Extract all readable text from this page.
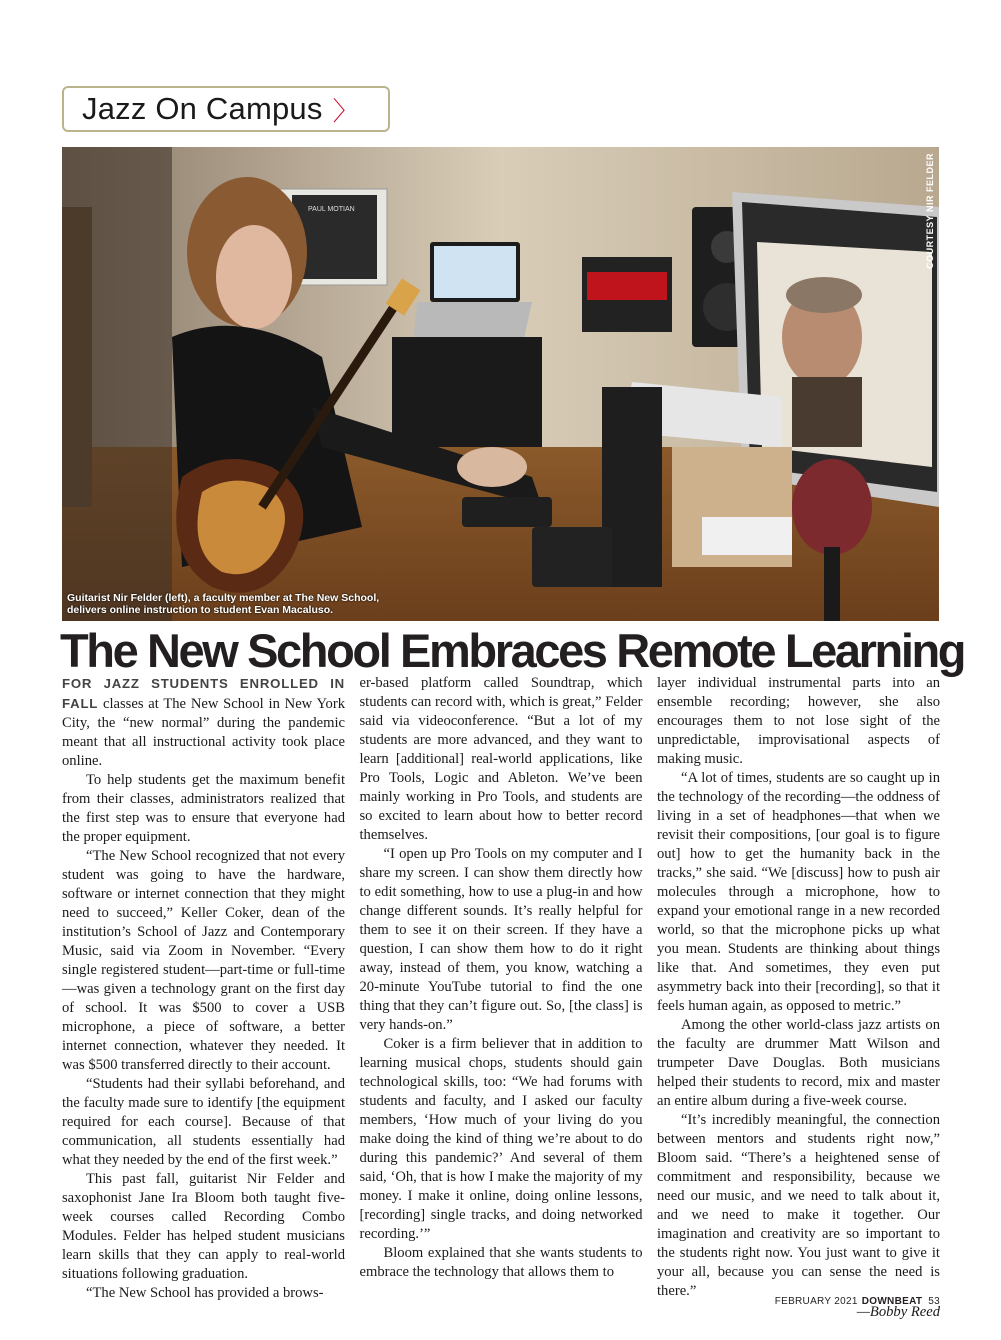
Jazz On Campus 〉
PAUL MOTIAN	COURTESY NIR FELDER
Guitarist Nir Felder (left), a faculty member at The New School,
delivers online instruction to student Evan Macaluso.
The New School Embraces Remote Learning

FOR JAZZ STUDENTS ENROLLED IN FALL classes at The New School in New York City, the “new normal” during the pandemic meant that all instructional activity took place online.

To help students get the maximum benefit from their classes, administrators realized that the first step was to ensure that everyone had the proper equipment.

“The New School recognized that not every student was going to have the hardware, software or internet connection that they might need to succeed,” Keller Coker, dean of the institution’s School of Jazz and Contemporary Music, said via Zoom in November. “Every single registered student—part-time or full-time—was given a technology grant on the first day of school. It was $500 to cover a USB microphone, a piece of software, a better internet connection, whatever they needed. It was $500 transferred directly to their account.

“Students had their syllabi beforehand, and the faculty made sure to identify [the equipment required for each course]. Because of that communication, all students essentially had what they needed by the end of the first week.”

This past fall, guitarist Nir Felder and saxophonist Jane Ira Bloom both taught five-week courses called Recording Combo Modules. Felder has helped student musicians learn skills that they can apply to real-world situations following graduation.

“The New School has provided a brows-

er-based platform called Soundtrap, which students can record with, which is great,” Felder said via videoconference. “But a lot of my students are more advanced, and they want to learn [additional] real-world applications, like Pro Tools, Logic and Ableton. We’ve been mainly working in Pro Tools, and students are so excited to learn about how to better record themselves.

“I open up Pro Tools on my computer and I share my screen. I can show them directly how to edit something, how to use a plug-in and how change different sounds. It’s really helpful for them to see it on their screen. If they have a question, I can show them how to do it right away, instead of them, you know, watching a 20-minute YouTube tutorial to find the one thing that they can’t figure out. So, [the class] is very hands-on.”

Coker is a firm believer that in addition to learning musical chops, students should gain technological skills, too: “We had forums with students and faculty, and I asked our faculty members, ‘How much of your living do you make doing the kind of thing we’re about to do during this pandemic?’ And several of them said, ‘Oh, that is how I make the majority of my money. I make it online, doing online lessons, [recording] single tracks, and doing networked recording.’”

Bloom explained that she wants students to embrace the technology that allows them to

layer individual instrumental parts into an ensemble recording; however, she also encourages them to not lose sight of the unpredictable, improvisational aspects of making music.

“A lot of times, students are so caught up in the technology of the recording—the oddness of living in a set of headphones—that when we revisit their compositions, [our goal is to figure out] how to get the humanity back in the tracks,” she said. “We [discuss] how to push air molecules through a microphone, how to expand your emotional range in a new recorded world, so that the microphone picks up what you mean. Students are thinking about things like that. And sometimes, they even put asymmetry back into their [recording], so that it feels human again, as opposed to metric.”

Among the other world-class jazz artists on the faculty are drummer Matt Wilson and trumpeter Dave Douglas. Both musicians helped their students to record, mix and master an entire album during a five-week course.

“It’s incredibly meaningful, the connection between mentors and students right now,” Bloom said. “There’s a heightened sense of commitment and responsibility, because we need our music, and we need to talk about it, and we need to make it together. Our imagination and creativity are so important to the students right now. You just want to give it your all, because you can sense the need is there.”

—Bobby Reed
FEBRUARY 2021 DOWNBEAT 53
